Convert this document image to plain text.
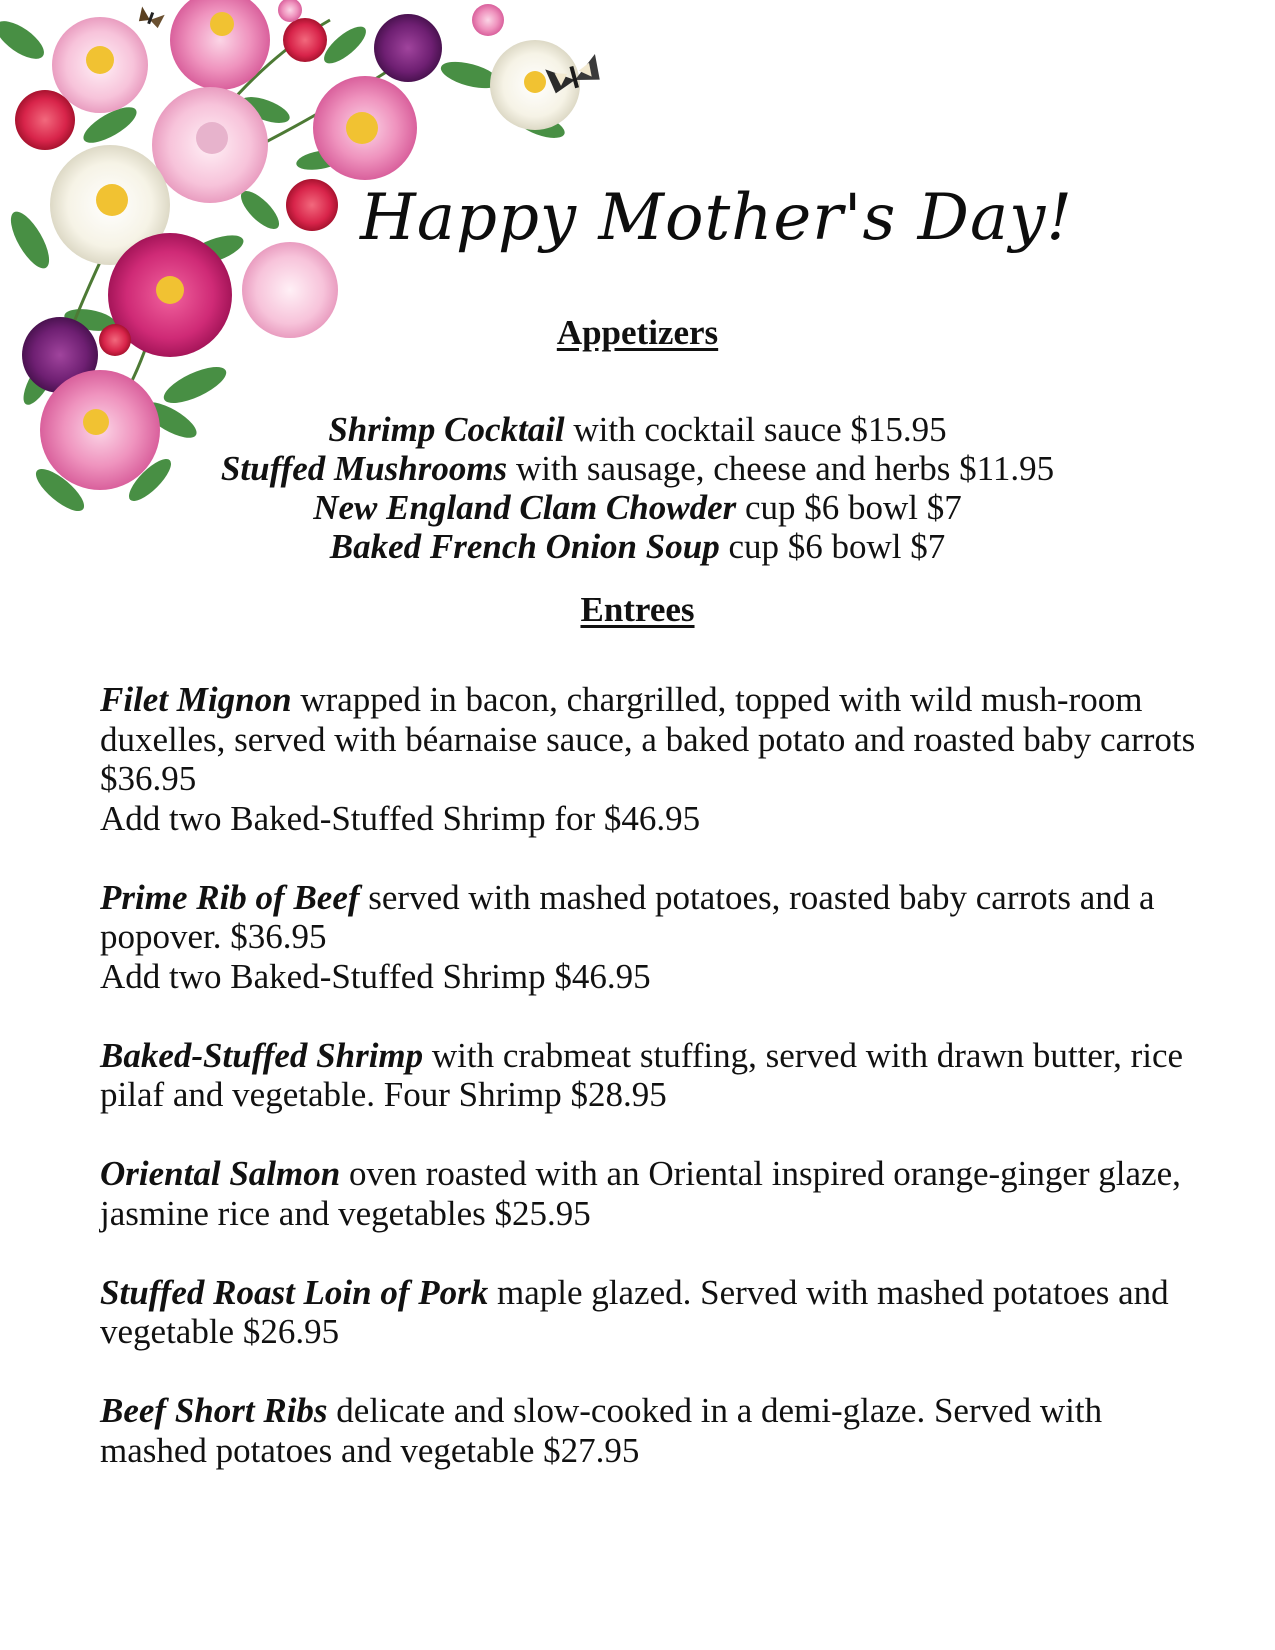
Happy Mother's Day!
Appetizers
Shrimp Cocktail with cocktail sauce $15.95
Stuffed Mushrooms with sausage, cheese and herbs $11.95
New England Clam Chowder cup $6 bowl $7
Baked French Onion Soup cup $6 bowl $7
Entrees
Filet Mignon wrapped in bacon, chargrilled, topped with wild mush-room duxelles, served with béarnaise sauce, a baked potato and roasted baby carrots $36.95
Add two Baked-Stuffed Shrimp for $46.95
Prime Rib of Beef served with mashed potatoes, roasted baby carrots and a popover. $36.95
Add two Baked-Stuffed Shrimp $46.95
Baked-Stuffed Shrimp with crabmeat stuffing, served with drawn butter, rice pilaf and vegetable. Four Shrimp $28.95
Oriental Salmon oven roasted with an Oriental inspired orange-ginger glaze, jasmine rice and vegetables $25.95
Stuffed Roast Loin of Pork maple glazed. Served with mashed potatoes and vegetable $26.95
Beef Short Ribs delicate and slow-cooked in a demi-glaze. Served with mashed potatoes and vegetable $27.95
